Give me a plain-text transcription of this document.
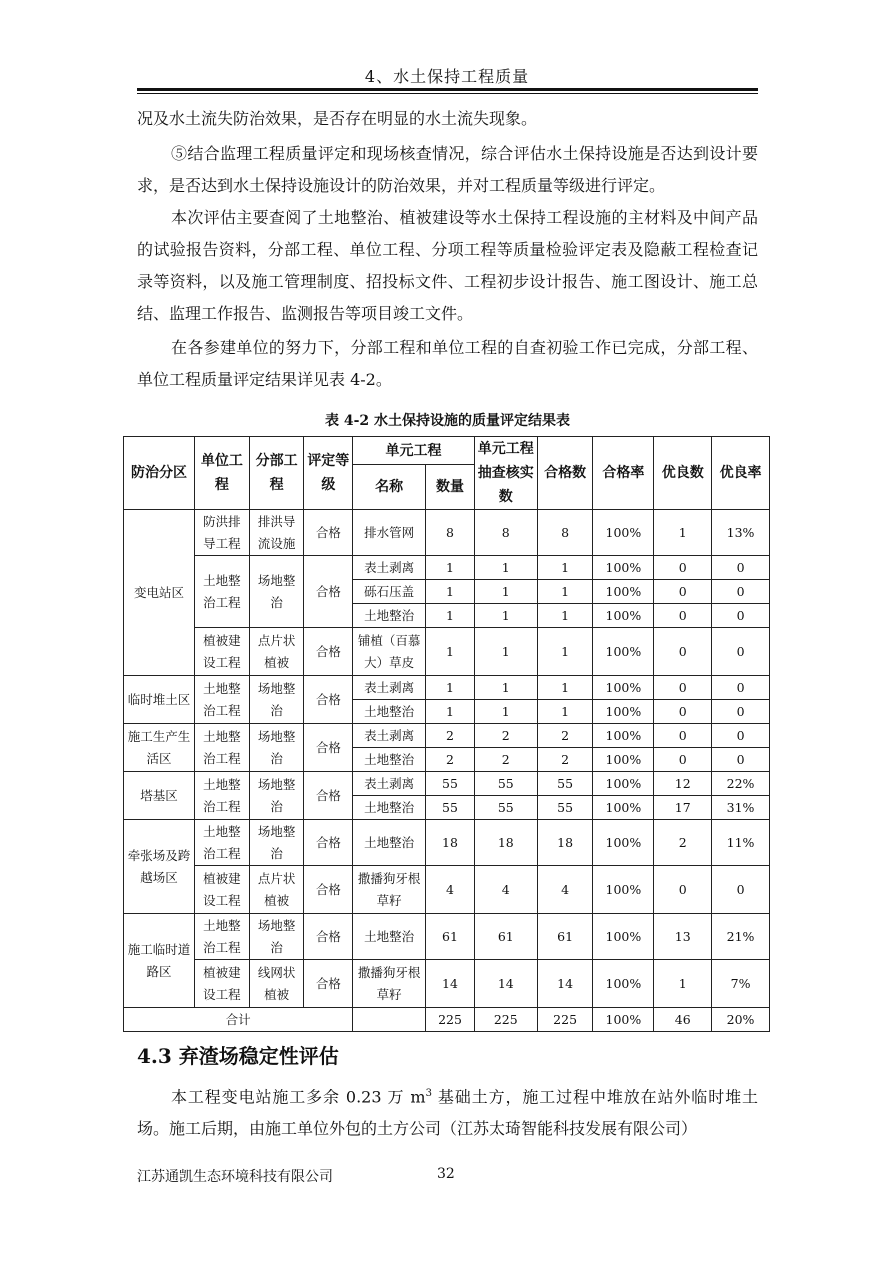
4、水土保持工程质量
况及水土流失防治效果，是否存在明显的水土流失现象。
⑤结合监理工程质量评定和现场核查情况，综合评估水土保持设施是否达到设计要求，是否达到水土保持设施设计的防治效果，并对工程质量等级进行评定。
本次评估主要查阅了土地整治、植被建设等水土保持工程设施的主材料及中间产品的试验报告资料，分部工程、单位工程、分项工程等质量检验评定表及隐蔽工程检查记录等资料，以及施工管理制度、招投标文件、工程初步设计报告、施工图设计、施工总结、监理工作报告、监测报告等项目竣工文件。
在各参建单位的努力下，分部工程和单位工程的自查初验工作已完成，分部工程、单位工程质量评定结果详见表 4-2。
表 4-2 水土保持设施的质量评定结果表
防治分区	单位工程	分部工程	评定等级	单元工程		单元工程抽查核实数	合格数	合格率	优良数	优良率
				名称	数量					
变电站区	防洪排导工程	排洪导流设施	合格	排水管网	8	8	8	100%	1	13%
	土地整治工程	场地整治	合格	表土剥离	1	1	1	100%	0	0
				砾石压盖	1	1	1	100%	0	0
				土地整治	1	1	1	100%	0	0
	植被建设工程	点片状植被	合格	铺植（百慕大）草皮	1	1	1	100%	0	0
临时堆土区	土地整治工程	场地整治	合格	表土剥离	1	1	1	100%	0	0
				土地整治	1	1	1	100%	0	0
施工生产生活区	土地整治工程	场地整治	合格	表土剥离	2	2	2	100%	0	0
				土地整治	2	2	2	100%	0	0
塔基区	土地整治工程	场地整治	合格	表土剥离	55	55	55	100%	12	22%
				土地整治	55	55	55	100%	17	31%
牵张场及跨越场区	土地整治工程	场地整治	合格	土地整治	18	18	18	100%	2	11%
	植被建设工程	点片状植被	合格	撒播狗牙根草籽	4	4	4	100%	0	0
施工临时道路区	土地整治工程	场地整治	合格	土地整治	61	61	61	100%	13	21%
	植被建设工程	线网状植被	合格	撒播狗牙根草籽	14	14	14	100%	1	7%
合计					225	225	225	100%	46	20%
4.3 弃渣场稳定性评估
本工程变电站施工多余 0.23 万 $m^3$ 基础土方，施工过程中堆放在站外临时堆土场。施工后期，由施工单位外包的土方公司（江苏太琦智能科技发展有限公司）
江苏通凯生态环境科技有限公司	32
